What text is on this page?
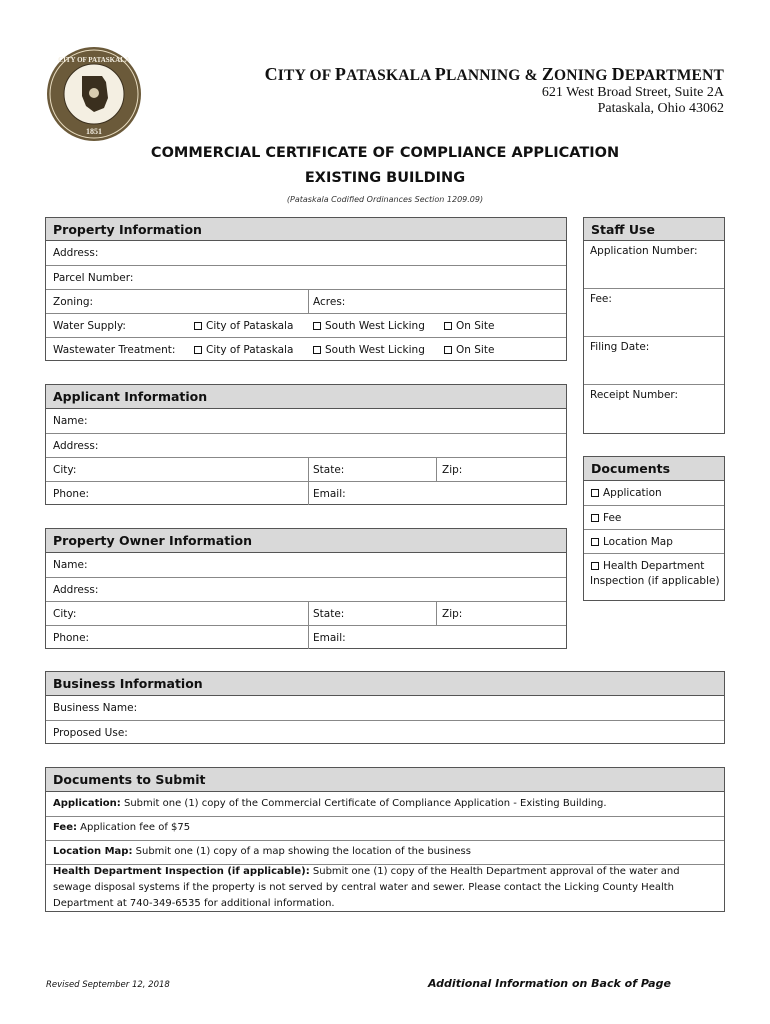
CITY OF PATASKALA
1851
CITY OF PATASKALA PLANNING & ZONING DEPARTMENT
621 West Broad Street, Suite 2A
Pataskala, Ohio 43062
COMMERCIAL CERTIFICATE OF COMPLIANCE APPLICATION
EXISTING BUILDING
(Pataskala Codified Ordinances Section 1209.09)
Property Information
Address:
Parcel Number:
Zoning:	Acres:
Water Supply:	City of Pataskala	South West Licking	On Site
Wastewater Treatment:	City of Pataskala	South West Licking	On Site
Applicant Information
Name:
Address:
City:	State:	Zip:
Phone:	Email:
Property Owner Information
Name:
Address:
City:	State:	Zip:
Phone:	Email:
Staff Use
Application Number:
Fee:
Filing Date:
Receipt Number:
Documents
Application
Fee
Location Map
Health Department
Inspection (if applicable)
Business Information
Business Name:
Proposed Use:
Documents to Submit
Application: Submit one (1) copy of the Commercial Certificate of Compliance Application - Existing Building.
Fee: Application fee of $75
Location Map: Submit one (1) copy of a map showing the location of the business
Health Department Inspection (if applicable): Submit one (1) copy of the Health Department approval of the water and sewage disposal systems if the property is not served by central water and sewer. Please contact the Licking County Health Department at 740-349-6535 for additional information.
Revised September 12, 2018	Additional Information on Back of Page
